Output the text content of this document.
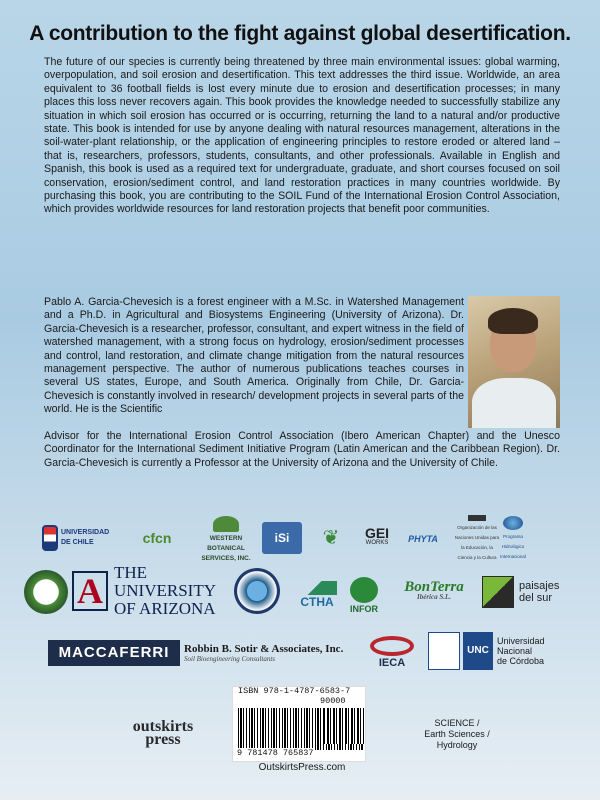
A contribution to the fight against global desertification.

The future of our species is currently being threatened by three main environmental issues: global warming, overpopulation, and soil erosion and desertification. This text addresses the third issue. Worldwide, an area equivalent to 36 football fields is lost every minute due to erosion and desertification processes; in many places this loss never recovers again. This book provides the knowledge needed to successfully stabilize any situation in which soil erosion has occurred or is occurring, returning the land to a natural and/or productive state. This book is intended for use by anyone dealing with natural resources management, alterations in the soil-water-plant relationship, or the application of engineering principles to restore eroded or altered land – that is, researchers, professors, students, consultants, and other professionals. Available in English and Spanish, this book is used as a required text for undergraduate, graduate, and short courses focused on soil conservation, erosion/sediment control, and land restoration practices in many countries worldwide. By purchasing this book, you are contributing to the SOIL Fund of the International Erosion Control Association, which provides worldwide resources for land restoration projects that benefit poor communities.

Pablo A. Garcia-Chevesich is a forest engineer with a M.Sc. in Watershed Management and a Ph.D. in Agricultural and Biosystems Engineering (University of Arizona). Dr. Garcia-Chevesich is a researcher, professor, consultant, and expert witness in the field of watershed management, with a strong focus on hydrology, erosion/sediment processes and control, land restoration, and climate change mitigation from the natural resources management perspective. The author of numerous publications teaches courses in several US states, Europe, and South America. Originally from Chile, Dr. Garcia-Chevesich is constantly involved in research/ development projects in several parts of the world. He is the Scientific

Advisor for the International Erosion Control Association (Ibero American Chapter) and the Unesco Coordinator for the International Sediment Initiative Program (Latin American and the Caribbean Region). Dr. Garcia-Chevesich is currently a Professor at the University of Arizona and the University of Chile.

UNIVERSIDAD DE CHILE	cfcn	WESTERN
BOTANICAL
SERVICES, INC.
iSi	❦	GEI
WORKS	PHYTA
Organización de las Naciones Unidas para la Educación, la Ciencia y la Cultura
Programa Hidrológico Internacional
A THE UNIVERSITY
OF ARIZONA	CTHA INFOR
BonTerra
Ibérica S.L.
paisajes
del sur
MACCAFERRI	Robbin B. Sotir & Associates, Inc.
Soil Bioengineering Consultants	IECA
UNC
Universidad
Nacional
de Córdoba
outskirts
press
ISBN 978-1-4787-6583-7
90000
9 781478 765837
OutskirtsPress.com
SCIENCE /
Earth Sciences /
Hydrology
